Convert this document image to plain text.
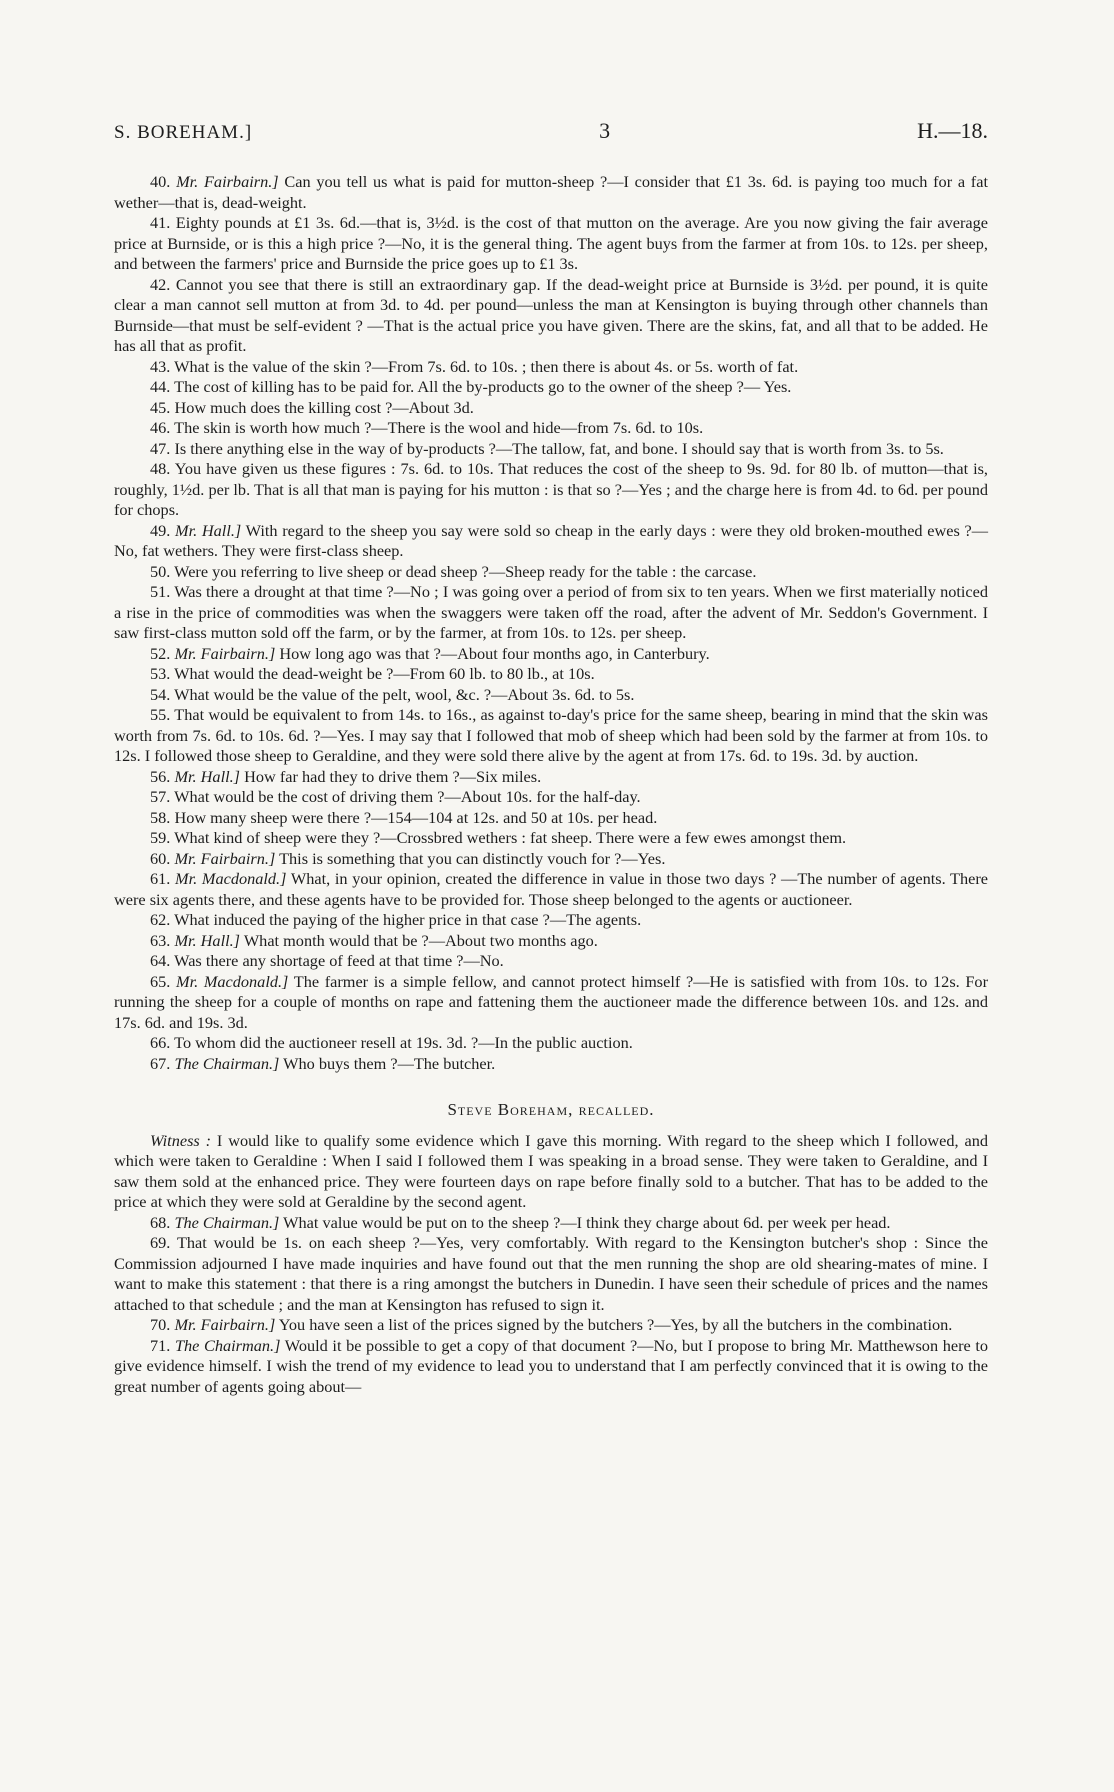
S. BOREHAM.]	3	H.—18.

40. Mr. Fairbairn.] Can you tell us what is paid for mutton-sheep ?—I consider that £1 3s. 6d. is paying too much for a fat wether—that is, dead-weight.

41. Eighty pounds at £1 3s. 6d.—that is, 3½d. is the cost of that mutton on the average. Are you now giving the fair average price at Burnside, or is this a high price ?—No, it is the general thing. The agent buys from the farmer at from 10s. to 12s. per sheep, and between the farmers' price and Burnside the price goes up to £1 3s.

42. Cannot you see that there is still an extraordinary gap. If the dead-weight price at Burnside is 3½d. per pound, it is quite clear a man cannot sell mutton at from 3d. to 4d. per pound—unless the man at Kensington is buying through other channels than Burnside—that must be self-evident ? —That is the actual price you have given. There are the skins, fat, and all that to be added. He has all that as profit.

43. What is the value of the skin ?—From 7s. 6d. to 10s. ; then there is about 4s. or 5s. worth of fat.

44. The cost of killing has to be paid for. All the by-products go to the owner of the sheep ?— Yes.

45. How much does the killing cost ?—About 3d.

46. The skin is worth how much ?—There is the wool and hide—from 7s. 6d. to 10s.

47. Is there anything else in the way of by-products ?—The tallow, fat, and bone. I should say that is worth from 3s. to 5s.

48. You have given us these figures : 7s. 6d. to 10s. That reduces the cost of the sheep to 9s. 9d. for 80 lb. of mutton—that is, roughly, 1½d. per lb. That is all that man is paying for his mutton : is that so ?—Yes ; and the charge here is from 4d. to 6d. per pound for chops.

49. Mr. Hall.] With regard to the sheep you say were sold so cheap in the early days : were they old broken-mouthed ewes ?—No, fat wethers. They were first-class sheep.

50. Were you referring to live sheep or dead sheep ?—Sheep ready for the table : the carcase.

51. Was there a drought at that time ?—No ; I was going over a period of from six to ten years. When we first materially noticed a rise in the price of commodities was when the swaggers were taken off the road, after the advent of Mr. Seddon's Government. I saw first-class mutton sold off the farm, or by the farmer, at from 10s. to 12s. per sheep.

52. Mr. Fairbairn.] How long ago was that ?—About four months ago, in Canterbury.

53. What would the dead-weight be ?—From 60 lb. to 80 lb., at 10s.

54. What would be the value of the pelt, wool, &c. ?—About 3s. 6d. to 5s.

55. That would be equivalent to from 14s. to 16s., as against to-day's price for the same sheep, bearing in mind that the skin was worth from 7s. 6d. to 10s. 6d. ?—Yes. I may say that I followed that mob of sheep which had been sold by the farmer at from 10s. to 12s. I followed those sheep to Geraldine, and they were sold there alive by the agent at from 17s. 6d. to 19s. 3d. by auction.

56. Mr. Hall.] How far had they to drive them ?—Six miles.

57. What would be the cost of driving them ?—About 10s. for the half-day.

58. How many sheep were there ?—154—104 at 12s. and 50 at 10s. per head.

59. What kind of sheep were they ?—Crossbred wethers : fat sheep. There were a few ewes amongst them.

60. Mr. Fairbairn.] This is something that you can distinctly vouch for ?—Yes.

61. Mr. Macdonald.] What, in your opinion, created the difference in value in those two days ? —The number of agents. There were six agents there, and these agents have to be provided for. Those sheep belonged to the agents or auctioneer.

62. What induced the paying of the higher price in that case ?—The agents.

63. Mr. Hall.] What month would that be ?—About two months ago.

64. Was there any shortage of feed at that time ?—No.

65. Mr. Macdonald.] The farmer is a simple fellow, and cannot protect himself ?—He is satisfied with from 10s. to 12s. For running the sheep for a couple of months on rape and fattening them the auctioneer made the difference between 10s. and 12s. and 17s. 6d. and 19s. 3d.

66. To whom did the auctioneer resell at 19s. 3d. ?—In the public auction.

67. The Chairman.] Who buys them ?—The butcher.

Steve Boreham, recalled.

Witness : I would like to qualify some evidence which I gave this morning. With regard to the sheep which I followed, and which were taken to Geraldine : When I said I followed them I was speaking in a broad sense. They were taken to Geraldine, and I saw them sold at the enhanced price. They were fourteen days on rape before finally sold to a butcher. That has to be added to the price at which they were sold at Geraldine by the second agent.

68. The Chairman.] What value would be put on to the sheep ?—I think they charge about 6d. per week per head.

69. That would be 1s. on each sheep ?—Yes, very comfortably. With regard to the Kensington butcher's shop : Since the Commission adjourned I have made inquiries and have found out that the men running the shop are old shearing-mates of mine. I want to make this statement : that there is a ring amongst the butchers in Dunedin. I have seen their schedule of prices and the names attached to that schedule ; and the man at Kensington has refused to sign it.

70. Mr. Fairbairn.] You have seen a list of the prices signed by the butchers ?—Yes, by all the butchers in the combination.

71. The Chairman.] Would it be possible to get a copy of that document ?—No, but I propose to bring Mr. Matthewson here to give evidence himself. I wish the trend of my evidence to lead you to understand that I am perfectly convinced that it is owing to the great number of agents going about—
